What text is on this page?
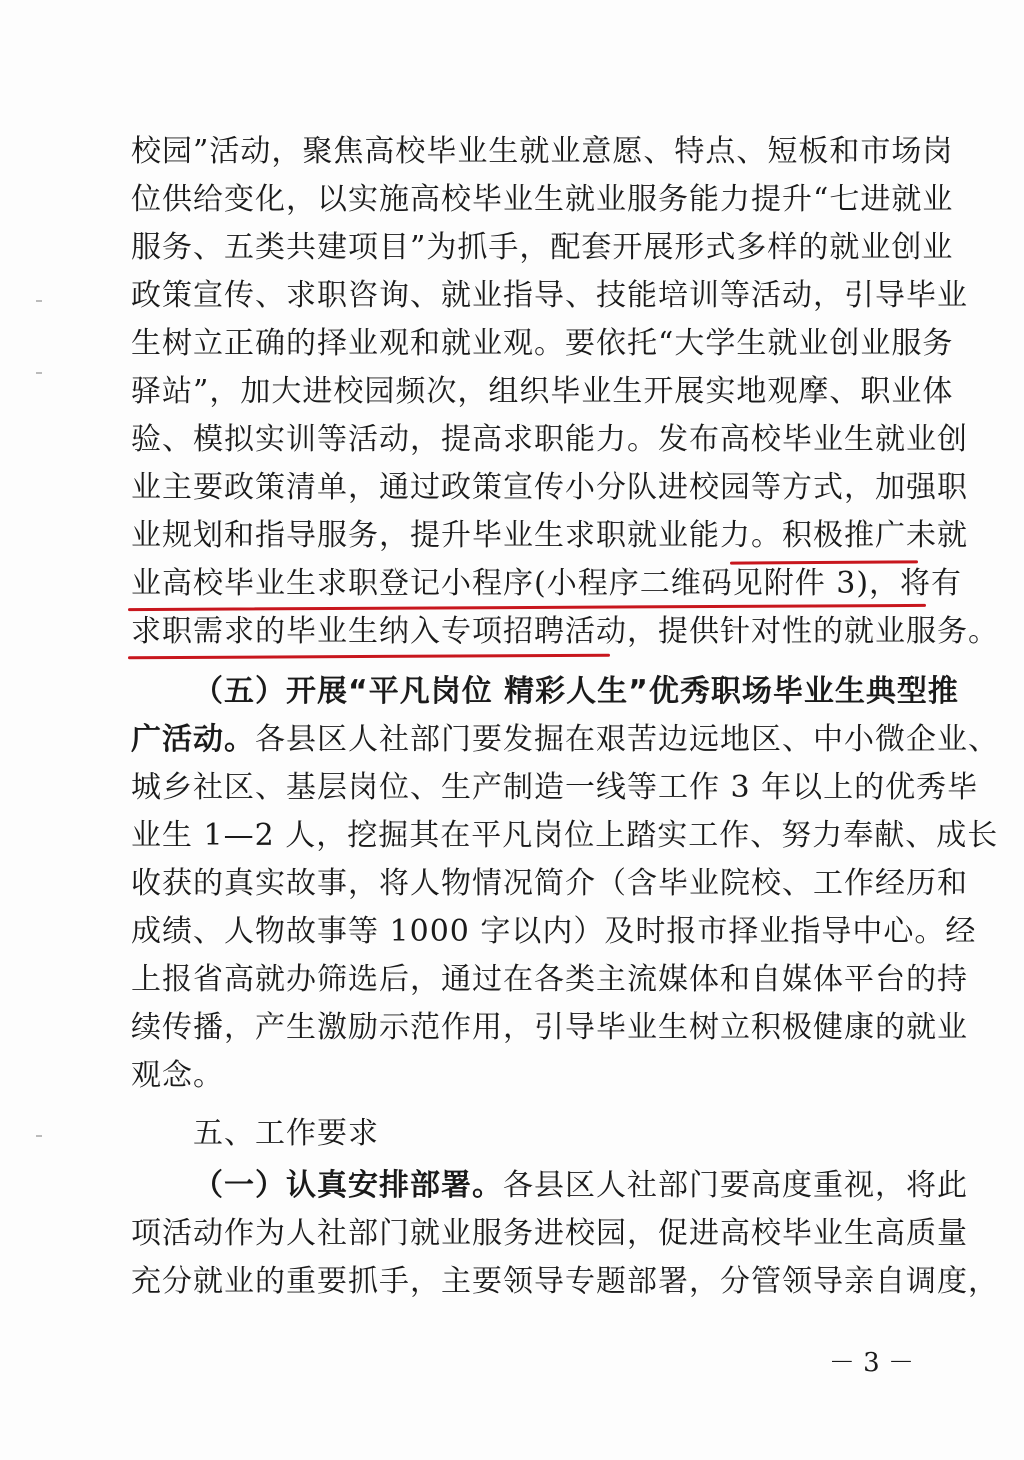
校园”活动，聚焦高校毕业生就业意愿、特点、短板和市场岗
位供给变化，以实施高校毕业生就业服务能力提升“七进就业
服务、五类共建项目”为抓手，配套开展形式多样的就业创业
政策宣传、求职咨询、就业指导、技能培训等活动，引导毕业
生树立正确的择业观和就业观。要依托“大学生就业创业服务
驿站”，加大进校园频次，组织毕业生开展实地观摩、职业体
验、模拟实训等活动，提高求职能力。发布高校毕业生就业创
业主要政策清单，通过政策宣传小分队进校园等方式，加强职
业规划和指导服务，提升毕业生求职就业能力。积极推广未就
业高校毕业生求职登记小程序(小程序二维码见附件 3)，将有
求职需求的毕业生纳入专项招聘活动，提供针对性的就业服务。
（五）开展“平凡岗位 精彩人生”优秀职场毕业生典型推
广活动。各县区人社部门要发掘在艰苦边远地区、中小微企业、
城乡社区、基层岗位、生产制造一线等工作 3 年以上的优秀毕
业生 1—2 人，挖掘其在平凡岗位上踏实工作、努力奉献、成长
收获的真实故事，将人物情况简介（含毕业院校、工作经历和
成绩、人物故事等 1000 字以内）及时报市择业指导中心。经
上报省高就办筛选后，通过在各类主流媒体和自媒体平台的持
续传播，产生激励示范作用，引导毕业生树立积极健康的就业
观念。
五、工作要求
（一）认真安排部署。各县区人社部门要高度重视，将此
项活动作为人社部门就业服务进校园，促进高校毕业生高质量
充分就业的重要抓手，主要领导专题部署，分管领导亲自调度，
－ 3 －
